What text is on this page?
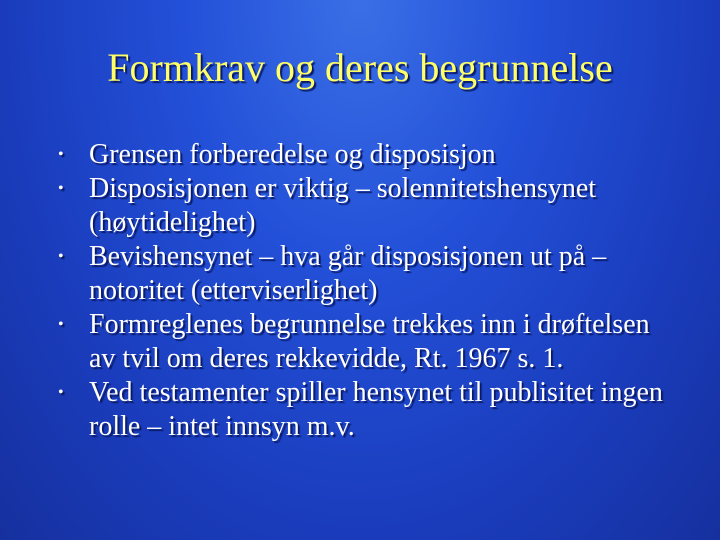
Formkrav og deres begrunnelse
• Grensen forberedelse og disposisjon
• Disposisjonen er viktig – solennitetshensynet (høytidelighet)
• Bevishensynet – hva går disposisjonen ut på – notoritet (etterviserlighet)
• Formreglenes begrunnelse trekkes inn i drøftelsen av tvil om deres rekkevidde, Rt. 1967 s. 1.
• Ved testamenter spiller hensynet til publisitet ingen rolle – intet innsyn m.v.
